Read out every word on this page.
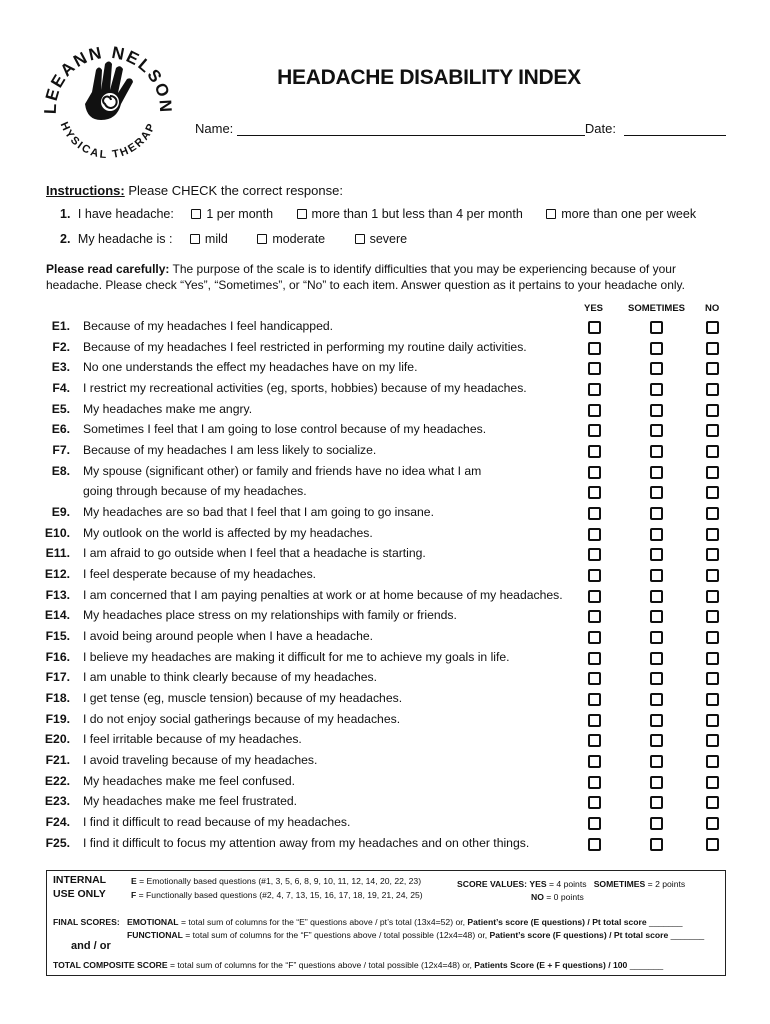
LEEANN NELSON
HYSICAL THERAP
HEADACHE DISABILITY INDEX
Name:	Date:
Instructions: Please CHECK the correct response:
1. I have headache:	1 per month	more than 1 but less than 4 per month	more than one per week
2. My headache is :	mild	moderate	severe
Please read carefully: The purpose of the scale is to identify difficulties that you may be experiencing because of your
headache. Please check “Yes”, “Sometimes”, or “No” to each item. Answer question as it pertains to your headache only.
YES	SOMETIMES NO
E1. Because of my headaches I feel handicapped.
F2. Because of my headaches I feel restricted in performing my routine daily activities.
E3. No one understands the effect my headaches have on my life.
F4. I restrict my recreational activities (eg, sports, hobbies) because of my headaches.
E5. My headaches make me angry.
E6. Sometimes I feel that I am going to lose control because of my headaches.
F7. Because of my headaches I am less likely to socialize.
E8. My spouse (significant other) or family and friends have no idea what I am
going through because of my headaches.
E9. My headaches are so bad that I feel that I am going to go insane.
E10. My outlook on the world is affected by my headaches.
E11. I am afraid to go outside when I feel that a headache is starting.
E12. I feel desperate because of my headaches.
F13. I am concerned that I am paying penalties at work or at home because of my headaches.
E14. My headaches place stress on my relationships with family or friends.
F15. I avoid being around people when I have a headache.
F16. I believe my headaches are making it difficult for me to achieve my goals in life.
F17. I am unable to think clearly because of my headaches.
F18. I get tense (eg, muscle tension) because of my headaches.
F19. I do not enjoy social gatherings because of my headaches.
E20. I feel irritable because of my headaches.
F21. I avoid traveling because of my headaches.
E22. My headaches make me feel confused.
E23. My headaches make me feel frustrated.
F24. I find it difficult to read because of my headaches.
F25. I find it difficult to focus my attention away from my headaches and on other things.
INTERNAL
USE ONLY
E = Emotionally based questions (#1, 3, 5, 6, 8, 9, 10, 11, 12, 14, 20, 22, 23)
F = Functionally based questions (#2, 4, 7, 13, 15, 16, 17, 18, 19, 21, 24, 25)
SCORE VALUES: YES = 4 points SOMETIMES = 2 points
NO = 0 points
FINAL SCORES: EMOTIONAL = total sum of columns for the “E” questions above / pt’s total (13x4=52) or, Patient’s score (E questions) / Pt total score _______
FUNCTIONAL = total sum of columns for the “F” questions above / total possible (12x4=48) or, Patient’s score (F questions) / Pt total score _______
and / or
TOTAL COMPOSITE SCORE = total sum of columns for the “F” questions above / total possible (12x4=48) or, Patients Score (E + F questions) / 100 _______
